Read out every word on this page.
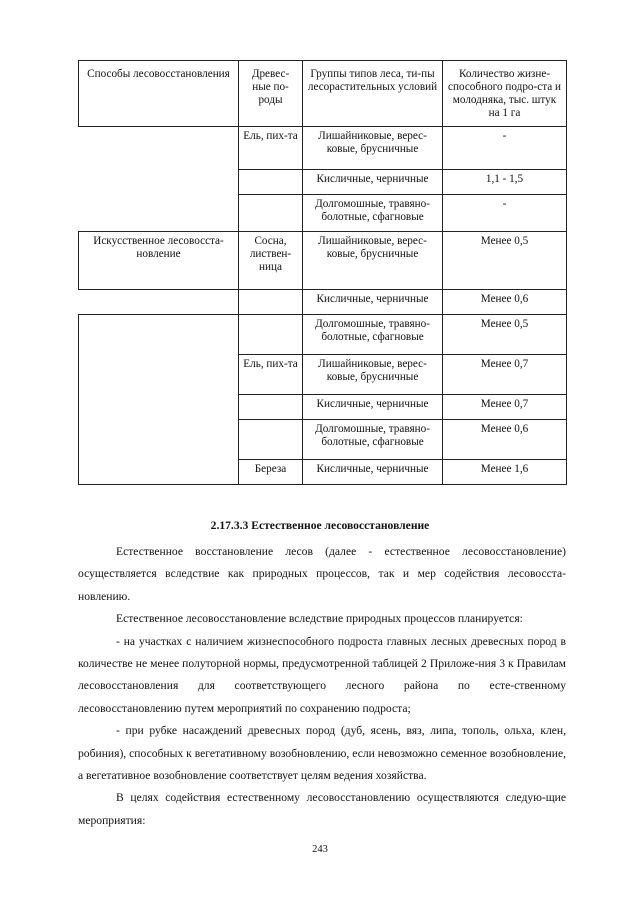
Способы лесовосстановления	Древес-ные по-роды	Группы типов леса, ти-пы лесорастительных условий	Количество жизне-способного подро-ста и молодняка, тыс. штук на 1 га
	Ель, пих-та	Лишайниковые, верес-ковые, брусничные	-
		Кисличные, черничные	1,1 - 1,5
		Долгомошные, травяно-болотные, сфагновые	-
Искусственное лесовосста-новление	Сосна, листвен-ница	Лишайниковые, верес-ковые, брусничные	Менее 0,5
		Кисличные, черничные	Менее 0,6
		Долгомошные, травяно-болотные, сфагновые	Менее 0,5
	Ель, пих-та	Лишайниковые, верес-ковые, брусничные	Менее 0,7
		Кисличные, черничные	Менее 0,7
		Долгомошные, травяно-болотные, сфагновые	Менее 0,6
	Береза	Кисличные, черничные	Менее 1,6
2.17.3.3 Естественное лесовосстановление

Естественное восстановление лесов (далее - естественное лесовосстановление) осуществляется вследствие как природных процессов, так и мер содействия лесовосста-новлению.

Естественное лесовосстановление вследствие природных процессов планируется:

- на участках с наличием жизнеспособного подроста главных лесных древесных пород в количестве не менее полуторной нормы, предусмотренной таблицей 2 Приложе-ния 3 к Правилам лесовосстановления для соответствующего лесного района по есте-ственному лесовосстановлению путем мероприятий по сохранению подроста;

- при рубке насаждений древесных пород (дуб, ясень, вяз, липа, тополь, ольха, клен, робиния), способных к вегетативному возобновлению, если невозможно семенное возобновление, а вегетативное возобновление соответствует целям ведения хозяйства.

В целях содействия естественному лесовосстановлению осуществляются следую-щие мероприятия:

243
